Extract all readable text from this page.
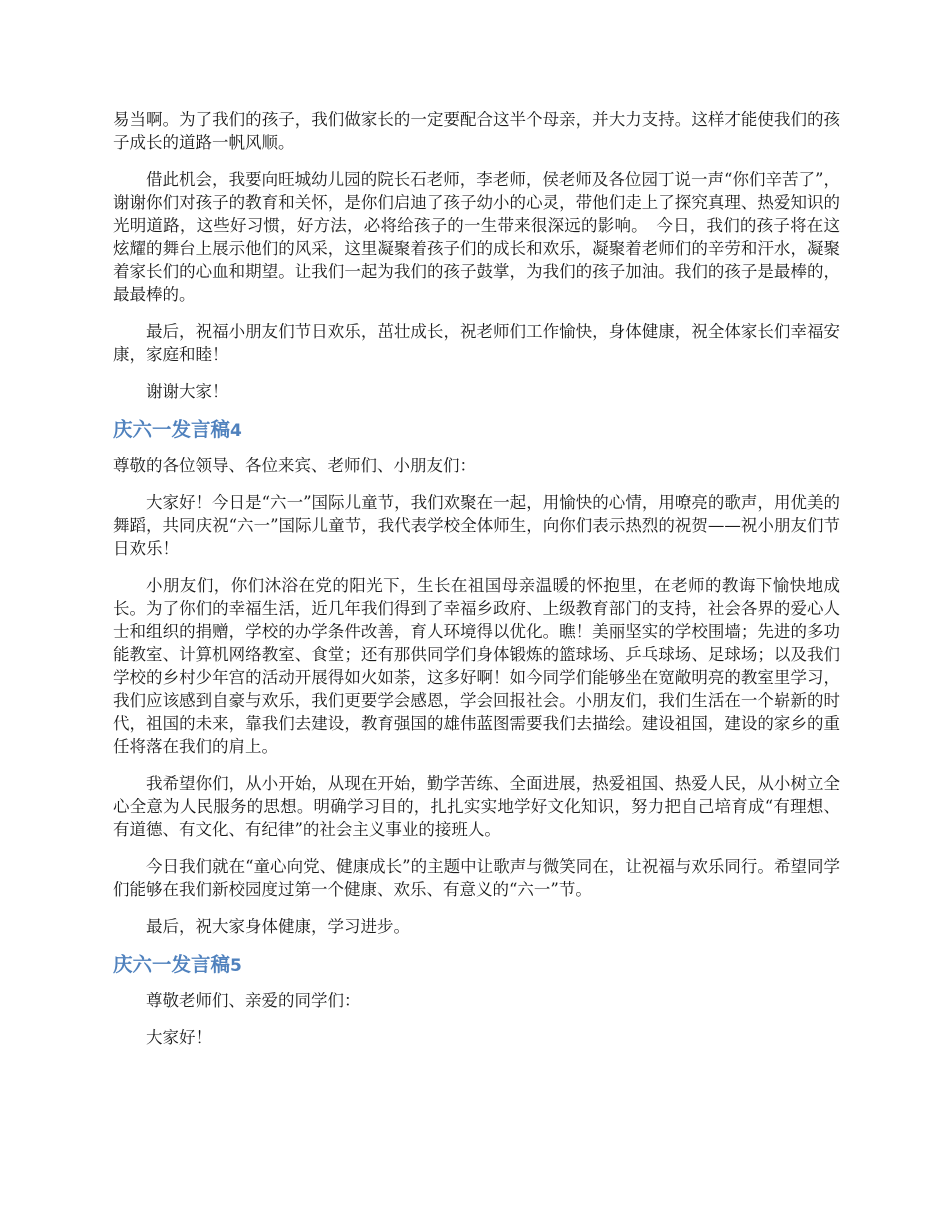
易当啊。为了我们的孩子，我们做家长的一定要配合这半个母亲，并大力支持。这样才能使我们的孩子成长的道路一帆风顺。

借此机会，我要向旺城幼儿园的院长石老师，李老师，侯老师及各位园丁说一声“你们辛苦了”，谢谢你们对孩子的教育和关怀，是你们启迪了孩子幼小的心灵，带他们走上了探究真理、热爱知识的光明道路，这些好习惯，好方法，必将给孩子的一生带来很深远的影响。　今日，我们的孩子将在这炫耀的舞台上展示他们的风采，这里凝聚着孩子们的成长和欢乐，凝聚着老师们的辛劳和汗水，凝聚着家长们的心血和期望。让我们一起为我们的孩子鼓掌，为我们的孩子加油。我们的孩子是最棒的，最最棒的。

最后，祝福小朋友们节日欢乐，茁壮成长，祝老师们工作愉快，身体健康，祝全体家长们幸福安康，家庭和睦！

谢谢大家！

庆六一发言稿4

尊敬的各位领导、各位来宾、老师们、小朋友们：

大家好！今日是“六一”国际儿童节，我们欢聚在一起，用愉快的心情，用嘹亮的歌声，用优美的舞蹈，共同庆祝“六一”国际儿童节，我代表学校全体师生，向你们表示热烈的祝贺——祝小朋友们节日欢乐！

小朋友们，你们沐浴在党的阳光下，生长在祖国母亲温暖的怀抱里，在老师的教诲下愉快地成长。为了你们的幸福生活，近几年我们得到了幸福乡政府、上级教育部门的支持，社会各界的爱心人士和组织的捐赠，学校的办学条件改善，育人环境得以优化。瞧！美丽坚实的学校围墙；先进的多功能教室、计算机网络教室、食堂；还有那供同学们身体锻炼的篮球场、乒乓球场、足球场；以及我们学校的乡村少年宫的活动开展得如火如荼，这多好啊！如今同学们能够坐在宽敞明亮的教室里学习，我们应该感到自豪与欢乐，我们更要学会感恩，学会回报社会。小朋友们，我们生活在一个崭新的时代，祖国的未来，靠我们去建设，教育强国的雄伟蓝图需要我们去描绘。建设祖国，建设的家乡的重任将落在我们的肩上。

我希望你们，从小开始，从现在开始，勤学苦练、全面进展，热爱祖国、热爱人民，从小树立全心全意为人民服务的思想。明确学习目的，扎扎实实地学好文化知识，努力把自己培育成“有理想、有道德、有文化、有纪律”的社会主义事业的接班人。

今日我们就在“童心向党、健康成长”的主题中让歌声与微笑同在，让祝福与欢乐同行。希望同学们能够在我们新校园度过第一个健康、欢乐、有意义的“六一”节。

最后，祝大家身体健康，学习进步。

庆六一发言稿5

尊敬老师们、亲爱的同学们：

大家好！
